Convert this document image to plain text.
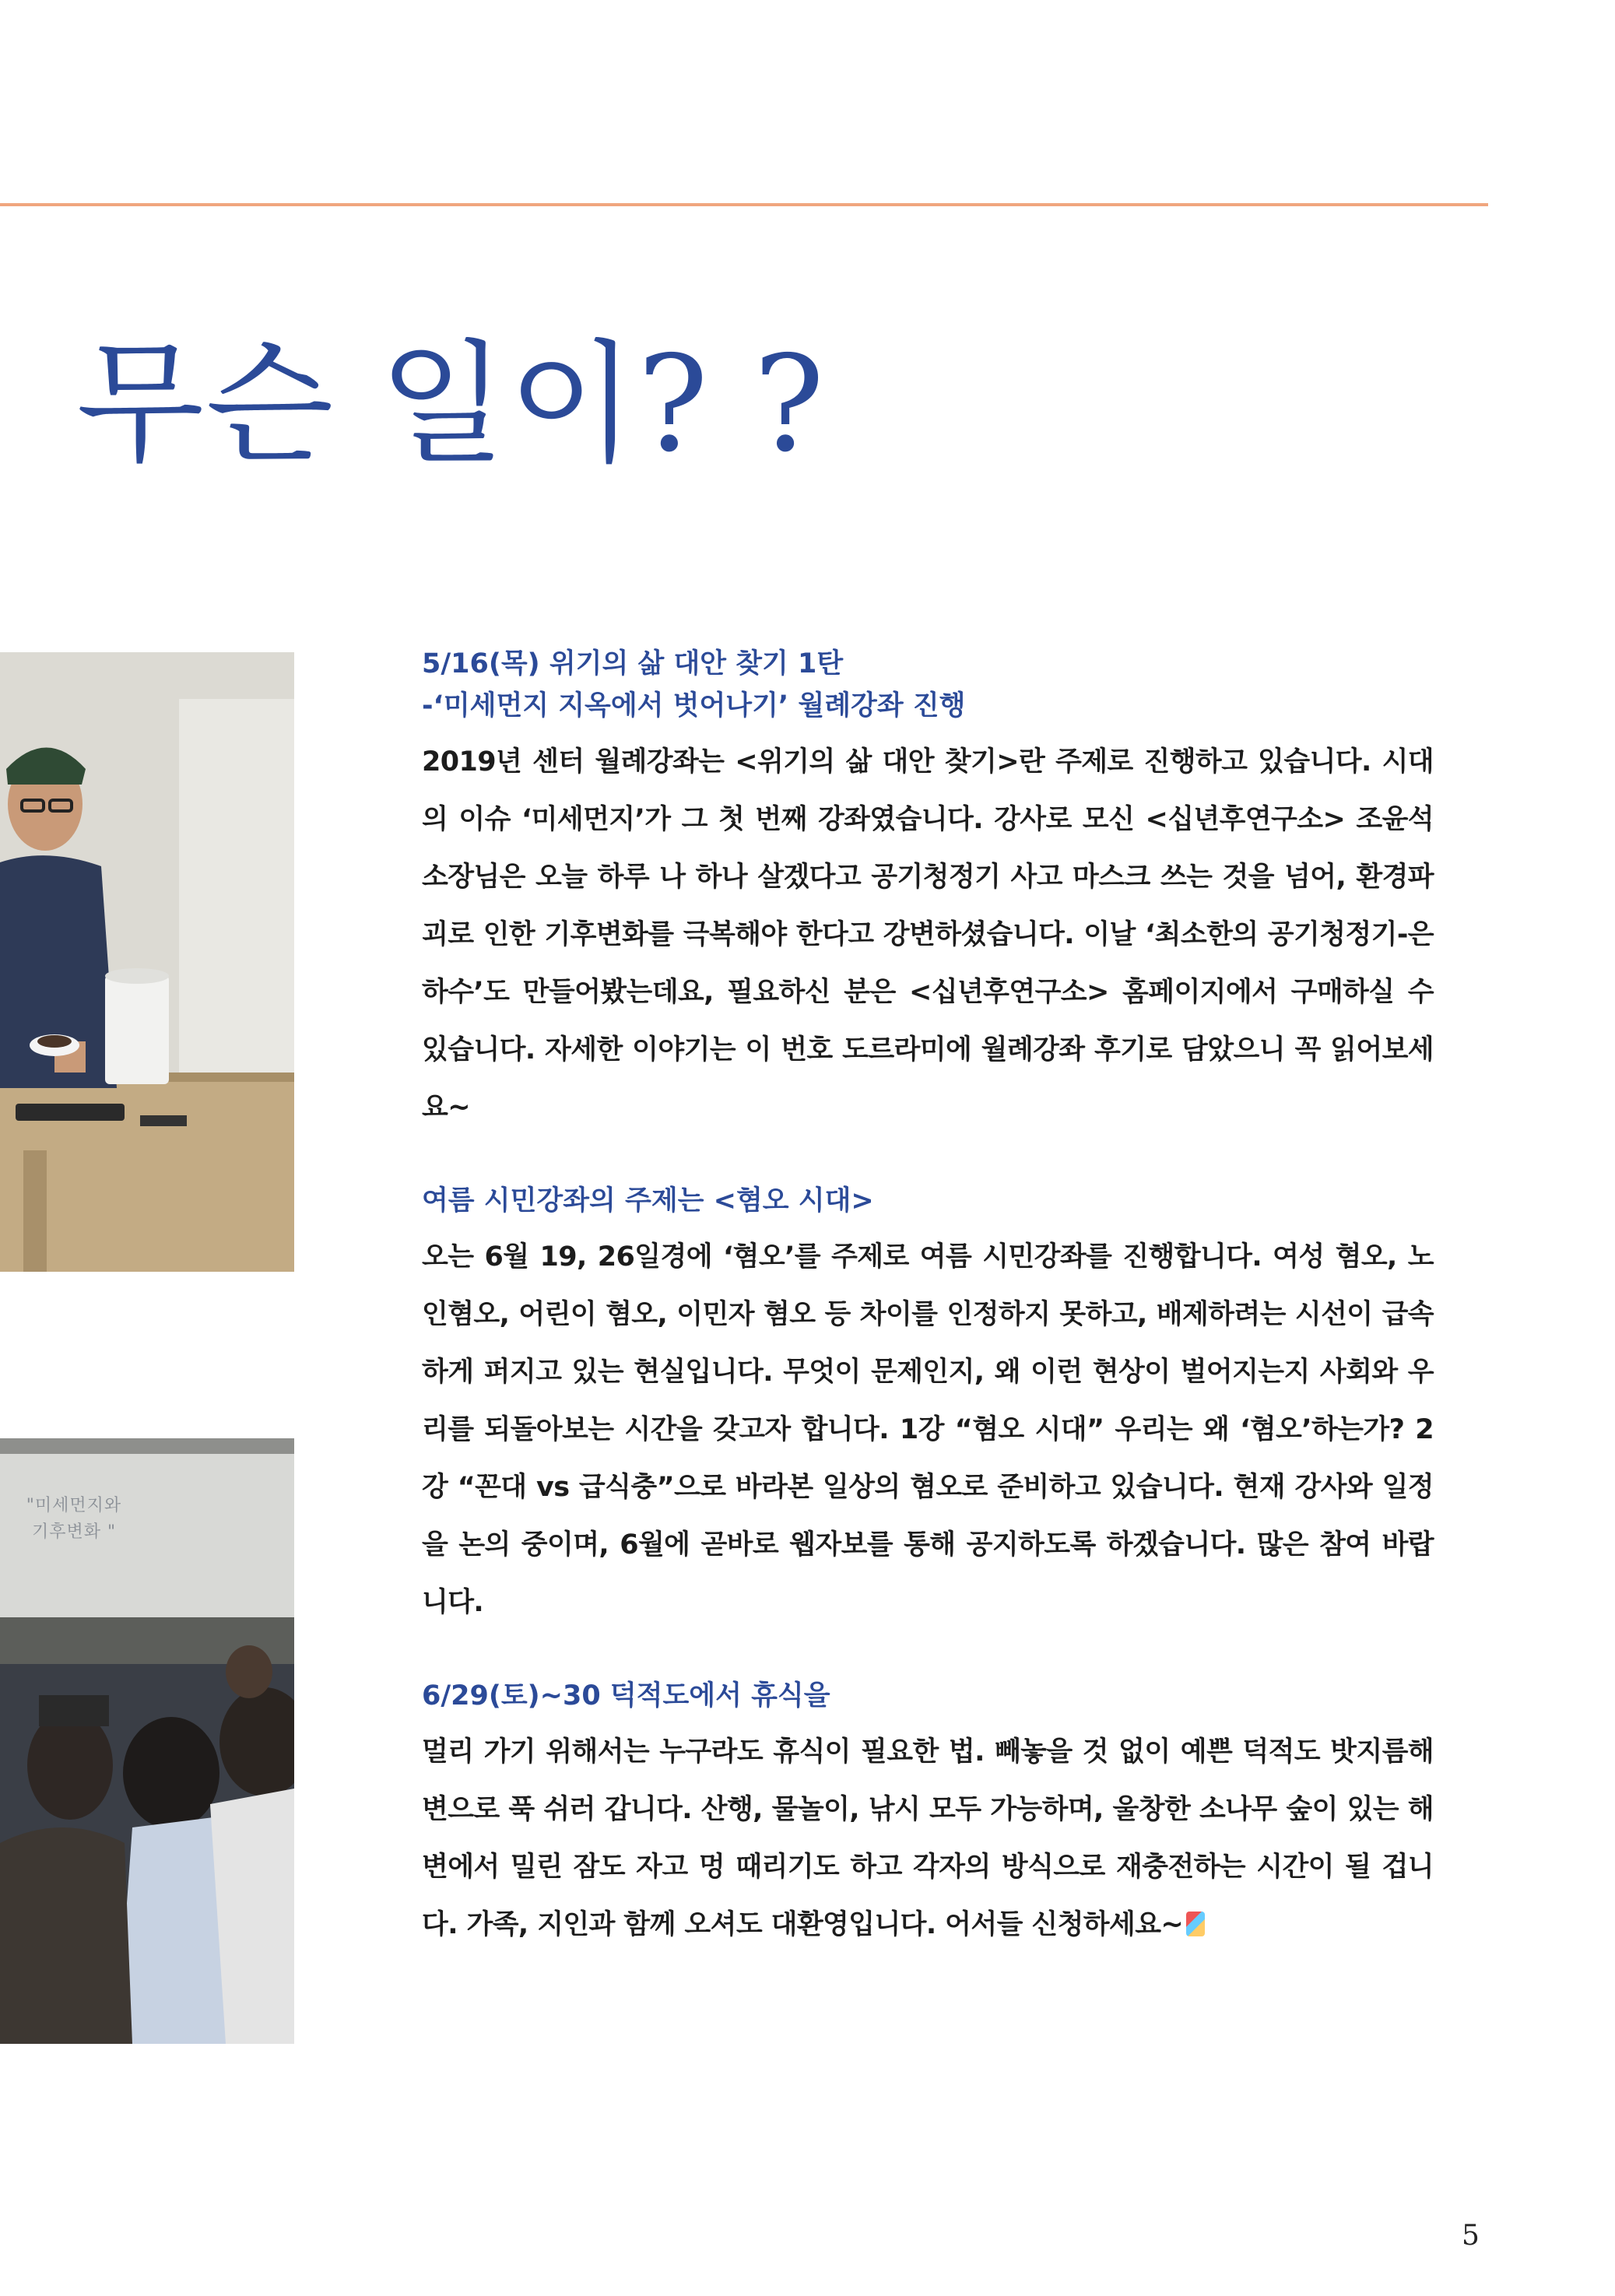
무슨 일이? ?
"미세먼지와
기후변화 "
5/16(목) 위기의 삶 대안 찾기 1탄
-‘미세먼지 지옥에서 벗어나기’ 월례강좌 진행

2019년 센터 월례강좌는 <위기의 삶 대안 찾기>란 주제로 진행하고 있습니다. 시대의 이슈 ‘미세먼지’가 그 첫 번째 강좌였습니다. 강사로 모신 <십년후연구소> 조윤석 소장님은 오늘 하루 나 하나 살겠다고 공기청정기 사고 마스크 쓰는 것을 넘어, 환경파괴로 인한 기후변화를 극복해야 한다고 강변하셨습니다. 이날 ‘최소한의 공기청정기-은하수’도 만들어봤는데요, 필요하신 분은 <십년후연구소> 홈페이지에서 구매하실 수 있습니다. 자세한 이야기는 이 번호 도르라미에 월례강좌 후기로 담았으니 꼭 읽어보세요~

여름 시민강좌의 주제는 <혐오 시대>

오는 6월 19, 26일경에 ‘혐오’를 주제로 여름 시민강좌를 진행합니다. 여성 혐오, 노인혐오, 어린이 혐오, 이민자 혐오 등 차이를 인정하지 못하고, 배제하려는 시선이 급속하게 퍼지고 있는 현실입니다. 무엇이 문제인지, 왜 이런 현상이 벌어지는지 사회와 우리를 되돌아보는 시간을 갖고자 합니다. 1강 “혐오 시대” 우리는 왜 ‘혐오’하는가? 2강 “꼰대 vs 급식충”으로 바라본 일상의 혐오로 준비하고 있습니다. 현재 강사와 일정을 논의 중이며, 6월에 곧바로 웹자보를 통해 공지하도록 하겠습니다. 많은 참여 바랍니다.

6/29(토)~30 덕적도에서 휴식을

멀리 가기 위해서는 누구라도 휴식이 필요한 법. 빼놓을 것 없이 예쁜 덕적도 밧지름해변으로 푹 쉬러 갑니다. 산행, 물놀이, 낚시 모두 가능하며, 울창한 소나무 숲이 있는 해변에서 밀린 잠도 자고 멍 때리기도 하고 각자의 방식으로 재충전하는 시간이 될 겁니다. 가족, 지인과 함께 오셔도 대환영입니다. 어서들 신청하세요~

5
